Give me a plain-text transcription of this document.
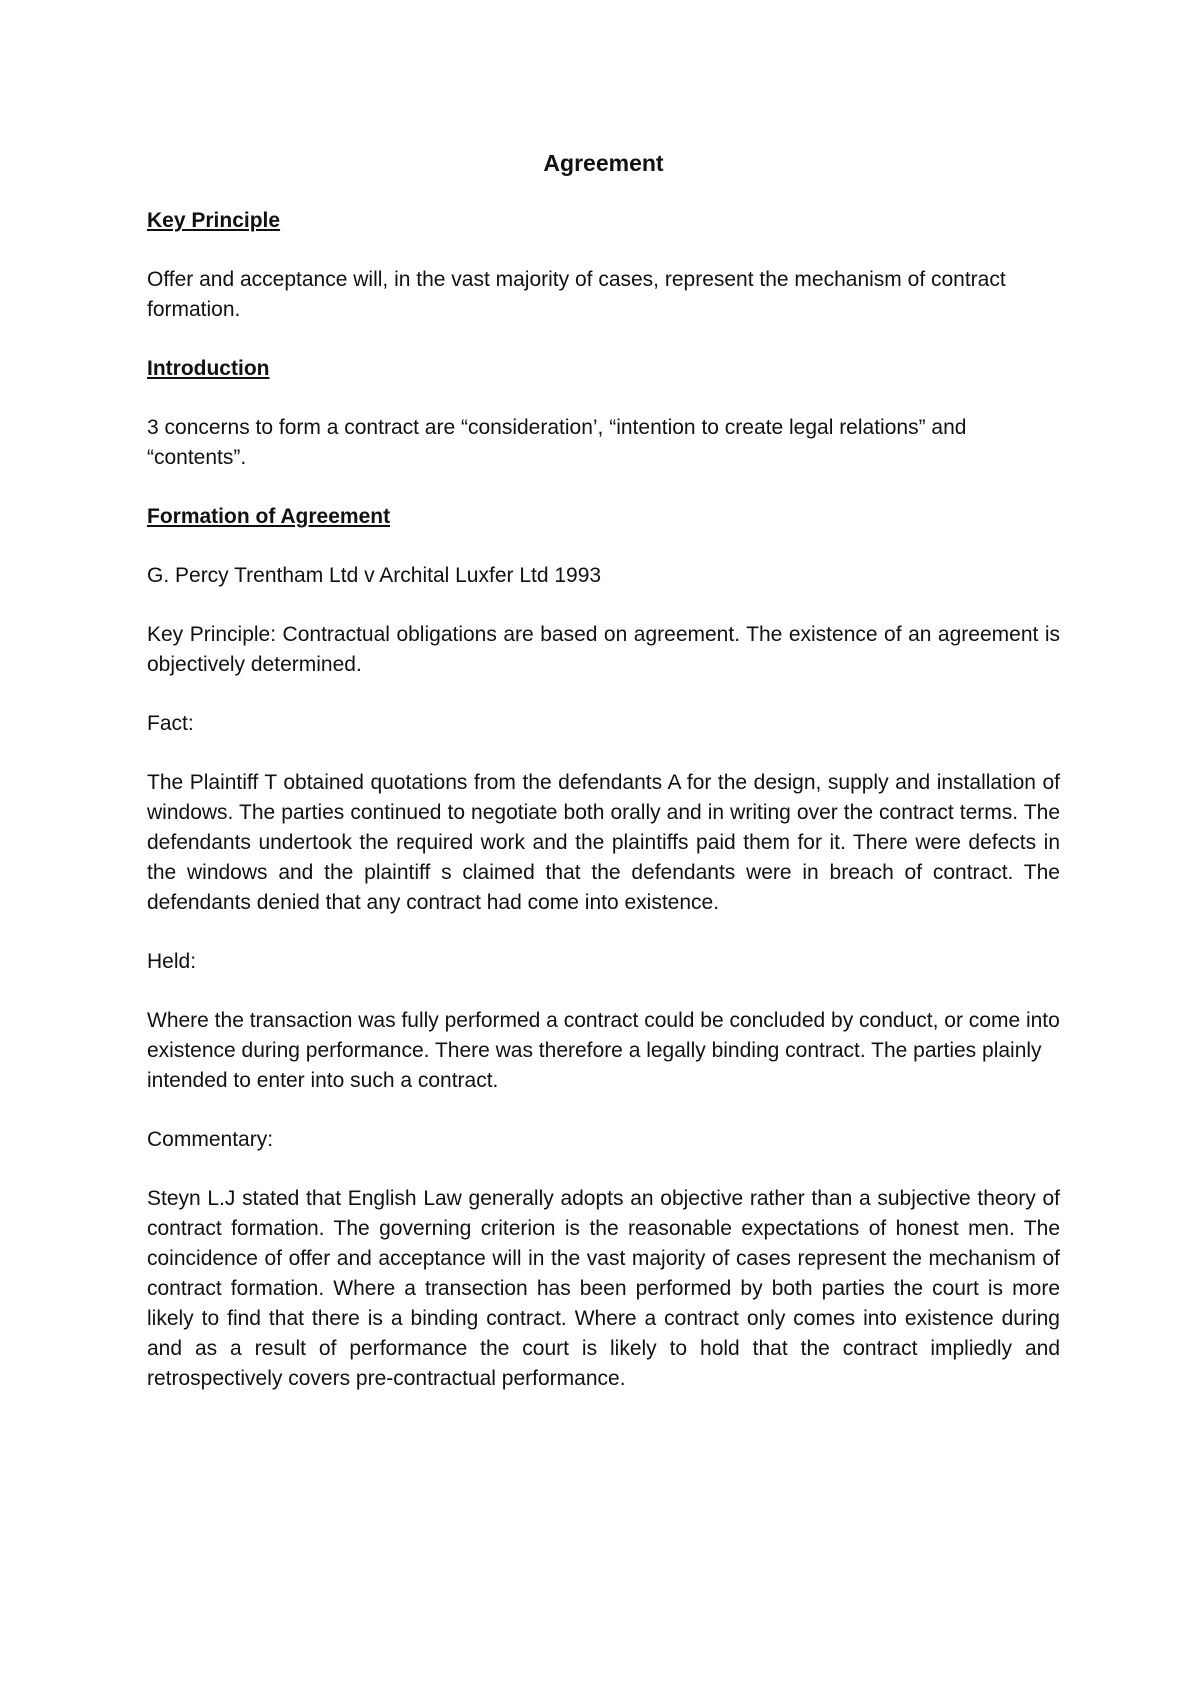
Agreement
Key Principle

Offer and acceptance will, in the vast majority of cases, represent the mechanism of contract formation.

Introduction

3 concerns to form a contract are “consideration’, “intention to create legal relations” and “contents”.

Formation of Agreement

G. Percy Trentham Ltd v Archital Luxfer Ltd 1993

Key Principle: Contractual obligations are based on agreement. The existence of an agreement is objectively determined.

Fact:

The Plaintiff T obtained quotations from the defendants A for the design, supply and installation of windows. The parties continued to negotiate both orally and in writing over the contract terms. The defendants undertook the required work and the plaintiffs paid them for it. There were defects in the windows and the plaintiff s claimed that the defendants were in breach of contract. The defendants denied that any contract had come into existence.

Held:

Where the transaction was fully performed a contract could be concluded by conduct, or come into existence during performance. There was therefore a legally binding contract. The parties plainly intended to enter into such a contract.

Commentary:

Steyn L.J stated that English Law generally adopts an objective rather than a subjective theory of contract formation. The governing criterion is the reasonable expectations of honest men. The coincidence of offer and acceptance will in the vast majority of cases represent the mechanism of contract formation. Where a transection has been performed by both parties the court is more likely to find that there is a binding contract. Where a contract only comes into existence during and as a result of performance the court is likely to hold that the contract impliedly and retrospectively covers pre-contractual performance.
